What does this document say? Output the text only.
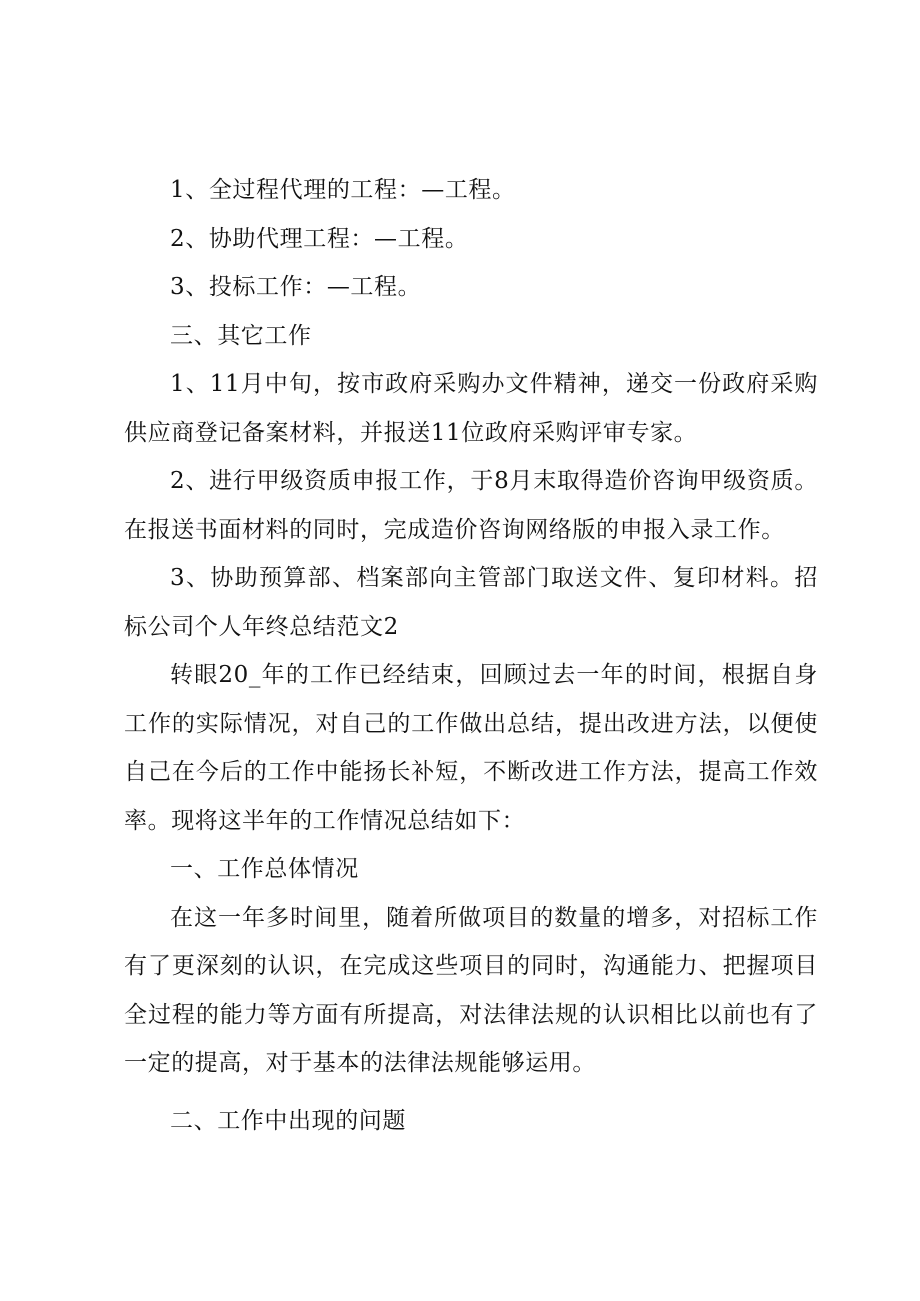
1、全过程代理的工程：—工程。

2、协助代理工程：—工程。

3、投标工作：—工程。

三、其它工作

1、11月中旬，按市政府采购办文件精神，递交一份政府采购供应商登记备案材料，并报送11位政府采购评审专家。

2、进行甲级资质申报工作，于8月末取得造价咨询甲级资质。在报送书面材料的同时，完成造价咨询网络版的申报入录工作。

3、协助预算部、档案部向主管部门取送文件、复印材料。招标公司个人年终总结范文2

转眼20_年的工作已经结束，回顾过去一年的时间，根据自身工作的实际情况，对自己的工作做出总结，提出改进方法，以便使自己在今后的工作中能扬长补短，不断改进工作方法，提高工作效率。现将这半年的工作情况总结如下：

一、工作总体情况

在这一年多时间里，随着所做项目的数量的增多，对招标工作有了更深刻的认识，在完成这些项目的同时，沟通能力、把握项目全过程的能力等方面有所提高，对法律法规的认识相比以前也有了一定的提高，对于基本的法律法规能够运用。

二、工作中出现的问题
